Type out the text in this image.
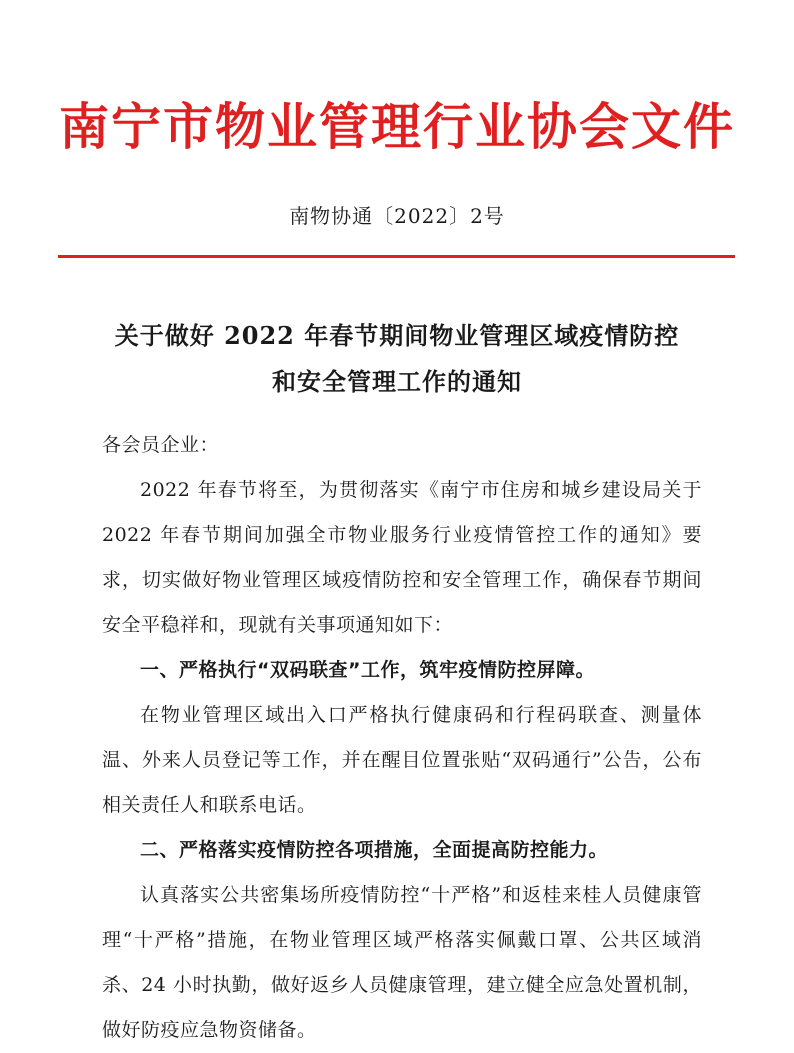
南宁市物业管理行业协会文件
南物协通〔2022〕2号
关于做好 2022 年春节期间物业管理区域疫情防控
和安全管理工作的通知

各会员企业：

2022 年春节将至，为贯彻落实《南宁市住房和城乡建设局关于 2022 年春节期间加强全市物业服务行业疫情管控工作的通知》要求，切实做好物业管理区域疫情防控和安全管理工作，确保春节期间安全平稳祥和，现就有关事项通知如下：

一、严格执行“双码联查”工作，筑牢疫情防控屏障。

在物业管理区域出入口严格执行健康码和行程码联查、测量体温、外来人员登记等工作，并在醒目位置张贴“双码通行”公告，公布相关责任人和联系电话。

二、严格落实疫情防控各项措施，全面提高防控能力。

认真落实公共密集场所疫情防控“十严格”和返桂来桂人员健康管理“十严格”措施，在物业管理区域严格落实佩戴口罩、公共区域消杀、24 小时执勤，做好返乡人员健康管理，建立健全应急处置机制，做好防疫应急物资储备。
